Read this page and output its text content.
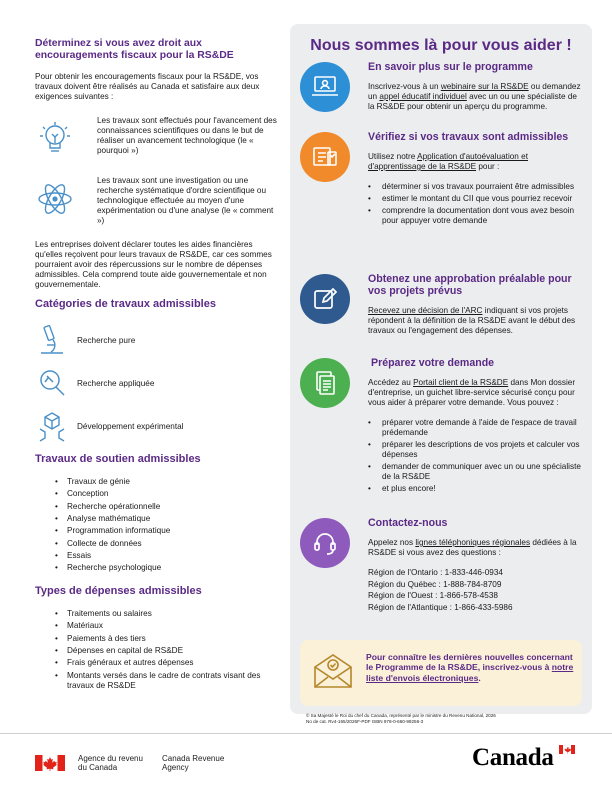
Déterminez si vous avez droit aux encouragements fiscaux pour la RS&DE
Pour obtenir les encouragements fiscaux pour la RS&DE, vos travaux doivent être réalisés au Canada et satisfaire aux deux exigences suivantes :
Les travaux sont effectués pour l'avancement des connaissances scientifiques ou dans le but de réaliser un avancement technologique (le « pourquoi »)
Les travaux sont une investigation ou une recherche systématique d'ordre scientifique ou technologique effectuée au moyen d'une expérimentation ou d'une analyse (le « comment »)
Les entreprises doivent déclarer toutes les aides financières qu'elles reçoivent pour leurs travaux de RS&DE, car ces sommes pourraient avoir des répercussions sur le nombre de dépenses admissibles. Cela comprend toute aide gouvernementale et non gouvernementale.
Catégories de travaux admissibles
Recherche pure
Recherche appliquée
Développement expérimental
Travaux de soutien admissibles
• Travaux de génie
• Conception
• Recherche opérationnelle
• Analyse mathématique
• Programmation informatique
• Collecte de données
• Essais
• Recherche psychologique
Types de dépenses admissibles
• Traitements ou salaires
• Matériaux
• Paiements à des tiers
• Dépenses en capital de RS&DE
• Frais généraux et autres dépenses
• Montants versés dans le cadre de contrats visant des travaux de RS&DE
Nous sommes là pour vous aider !
En savoir plus sur le programme
Inscrivez-vous à un webinaire sur la RS&DE ou demandez un appel éducatif individuel avec un ou une spécialiste de la RS&DE pour obtenir un aperçu du programme.
Vérifiez si vos travaux sont admissibles
Utilisez notre Application d'autoévaluation et d'apprentissage de la RS&DE pour :
• déterminer si vos travaux pourraient être admissibles
• estimer le montant du CII que vous pourriez recevoir
• comprendre la documentation dont vous avez besoin pour appuyer votre demande
Obtenez une approbation préalable pour vos projets prévus
Recevez une décision de l'ARC indiquant si vos projets répondent à la définition de la RS&DE avant le début des travaux ou l'engagement des dépenses.
Préparez votre demande
Accédez au Portail client de la RS&DE dans Mon dossier d'entreprise, un guichet libre-service sécurisé conçu pour vous aider à préparer votre demande. Vous pouvez :
• préparer votre demande à l'aide de l'espace de travail prédemande
• préparer les descriptions de vos projets et calculer vos dépenses
• demander de communiquer avec un ou une spécialiste de la RS&DE
• et plus encore!
Contactez-nous
Appelez nos lignes téléphoniques régionales dédiées à la RS&DE si vous avez des questions :
Région de l'Ontario : 1-833-446-0934
Région du Québec : 1-888-784-8709
Région de l'Ouest : 1-866-578-4538
Région de l'Atlantique : 1-866-433-5986
Pour connaître les dernières nouvelles concernant le Programme de la RS&DE, inscrivez-vous à notre liste d'envois électroniques.
© Sa Majesté le Roi du chef du Canada, représenté par le ministre du Revenu National, 2026
No de cat. Rv4-165/2026F-PDF ISBN 978-0-660-99256-3
Agence du revenu
du Canada
Canada Revenue
Agency	Canada
